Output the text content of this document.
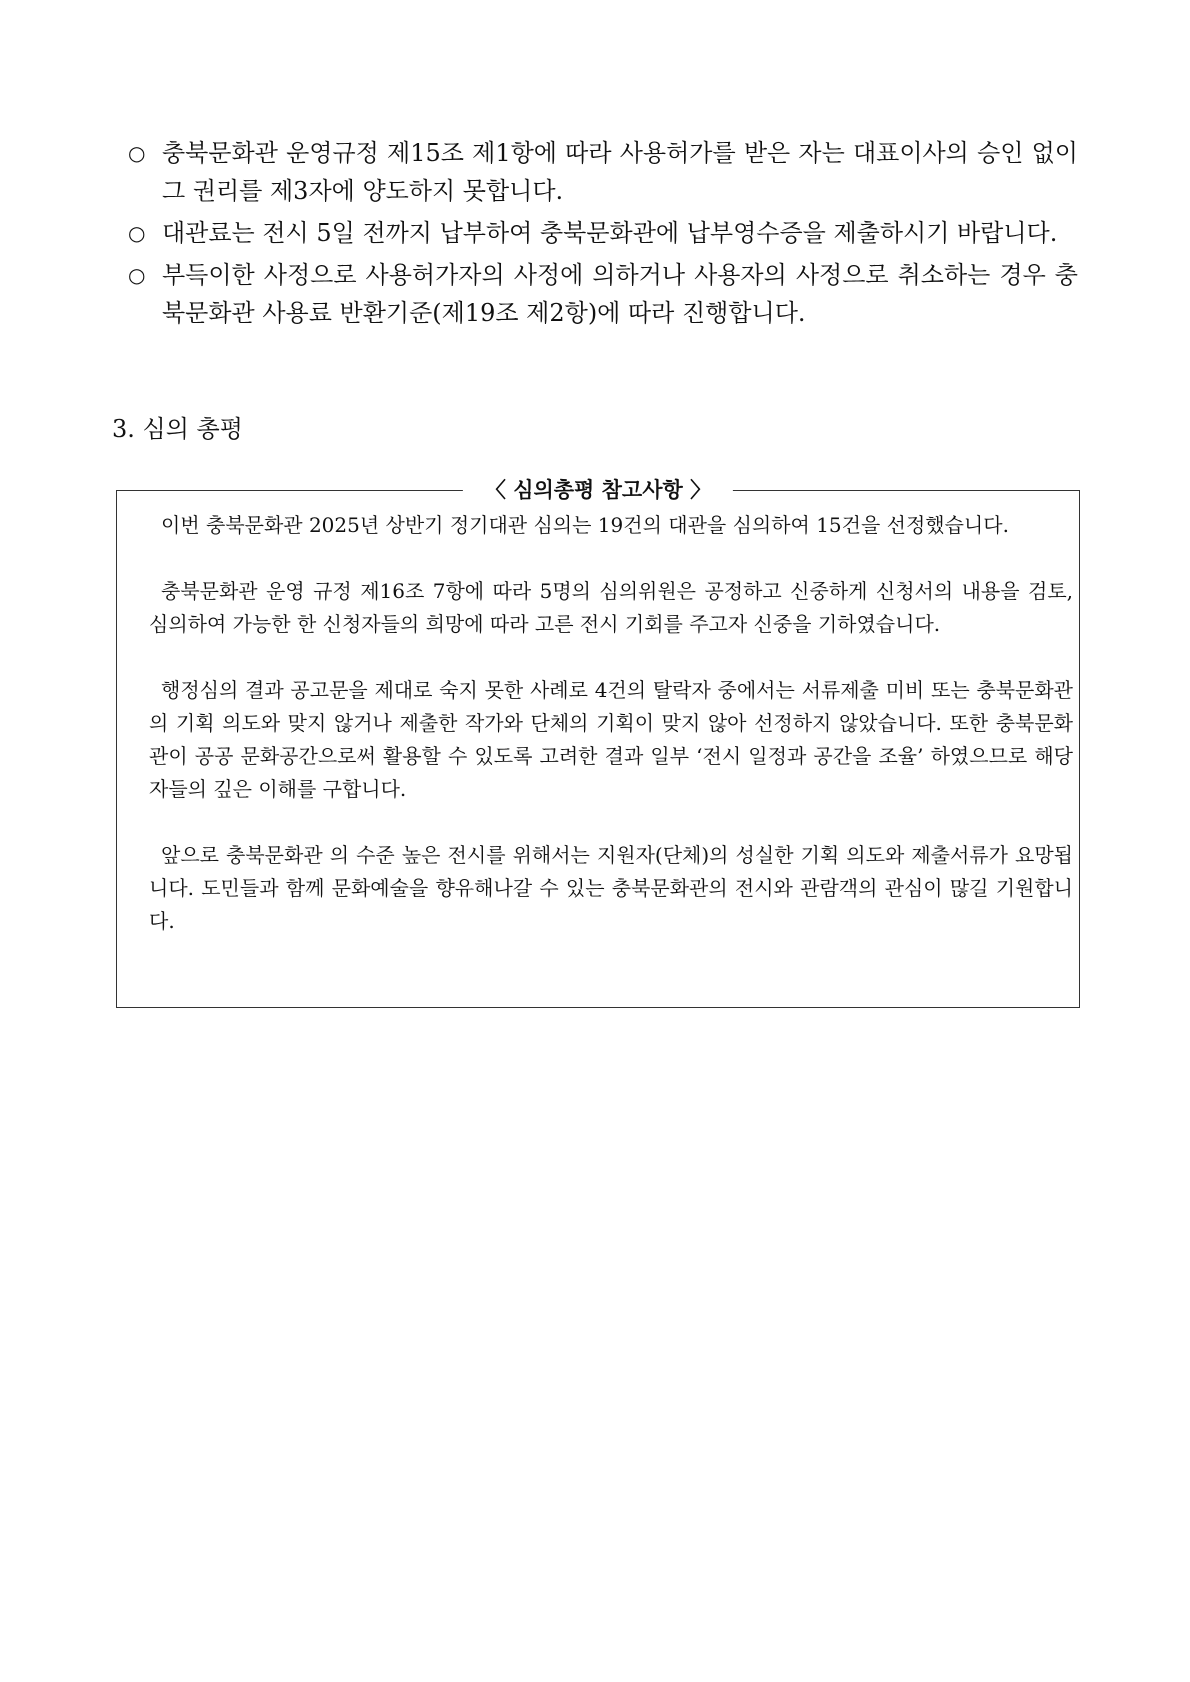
○ 충북문화관 운영규정 제15조 제1항에 따라 사용허가를 받은 자는 대표이사의 승인 없이 그 권리를 제3자에 양도하지 못합니다.
○ 대관료는 전시 5일 전까지 납부하여 충북문화관에 납부영수증을 제출하시기 바랍니다.
○ 부득이한 사정으로 사용허가자의 사정에 의하거나 사용자의 사정으로 취소하는 경우 충북문화관 사용료 반환기준(제19조 제2항)에 따라 진행합니다.
3. 심의 총평
〈 심의총평 참고사항 〉

이번 충북문화관 2025년 상반기 정기대관 심의는 19건의 대관을 심의하여 15건을 선정했습니다.

충북문화관 운영 규정 제16조 7항에 따라 5명의 심의위원은 공정하고 신중하게 신청서의 내용을 검토, 심의하여 가능한 한 신청자들의 희망에 따라 고른 전시 기회를 주고자 신중을 기하였습니다.

행정심의 결과 공고문을 제대로 숙지 못한 사례로 4건의 탈락자 중에서는 서류제출 미비 또는 충북문화관의 기획 의도와 맞지 않거나 제출한 작가와 단체의 기획이 맞지 않아 선정하지 않았습니다. 또한 충북문화관이 공공 문화공간으로써 활용할 수 있도록 고려한 결과 일부 ‘전시 일정과 공간을 조율’ 하였으므로 해당자들의 깊은 이해를 구합니다.

앞으로 충북문화관 의 수준 높은 전시를 위해서는 지원자(단체)의 성실한 기획 의도와 제출서류가 요망됩니다. 도민들과 함께 문화예술을 향유해나갈 수 있는 충북문화관의 전시와 관람객의 관심이 많길 기원합니다.
